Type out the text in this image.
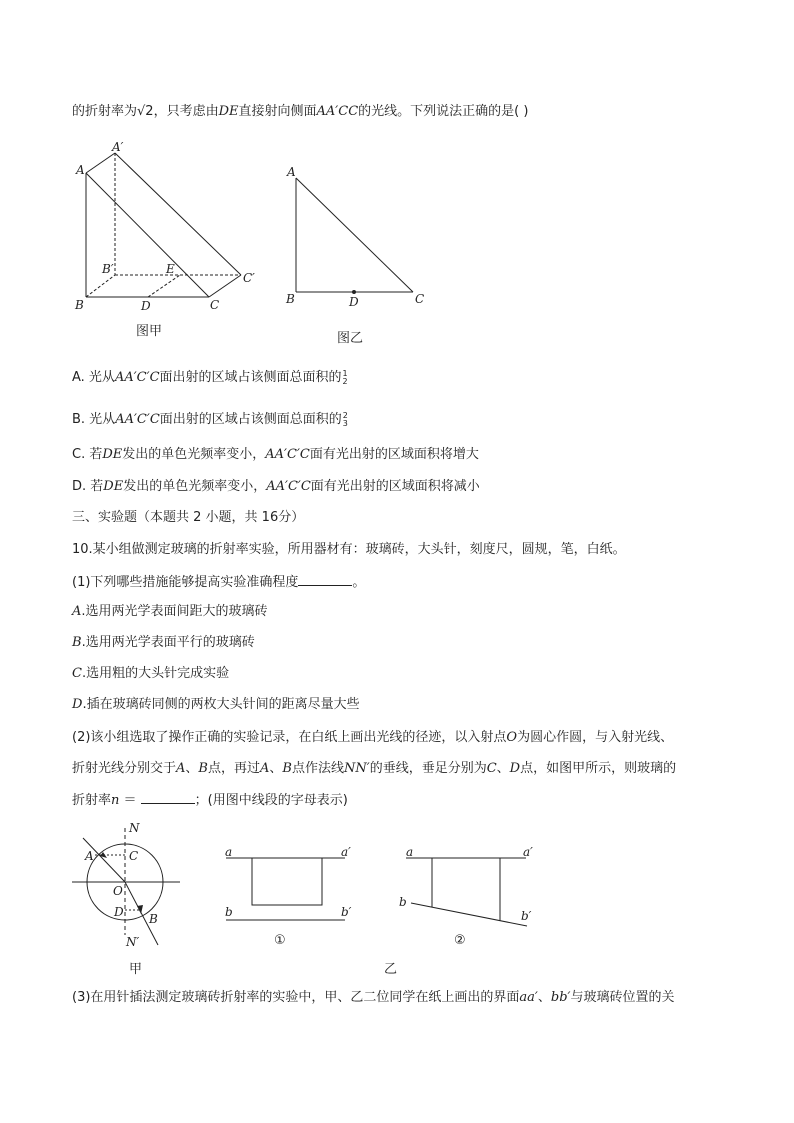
的折射率为√2，只考虑由DE直接射向侧面AA′CC的光线。下列说法正确的是( )
A
A′
B′	E
C′
B	D	C
图甲
A
B	D	C
图乙
N
A	C
O
D B
N′
甲
a	a′
b	b′
①
a	a′
b
b′
②
乙
A. 光从AA′C′C面出射的区域占该侧面总面积的 1
2
B. 光从AA′C′C面出射的区域占该侧面总面积的 2
3
C. 若DE发出的单色光频率变小，AA′C′C面有光出射的区域面积将增大
D. 若DE发出的单色光频率变小，AA′C′C面有光出射的区域面积将减小
三、实验题（本题共 2 小题，共 16分）
10.某小组做测定玻璃的折射率实验，所用器材有：玻璃砖，大头针，刻度尺，圆规，笔，白纸。
(1)下列哪些措施能够提高实验准确程度	。
A.选用两光学表面间距大的玻璃砖
B.选用两光学表面平行的玻璃砖
C.选用粗的大头针完成实验
D.插在玻璃砖同侧的两枚大头针间的距离尽量大些
(2)该小组选取了操作正确的实验记录，在白纸上画出光线的径迹，以入射点O为圆心作圆，与入射光线、
折射光线分别交于A、B点，再过A、B点作法线NN′的垂线，垂足分别为C、D点，如图甲所示，则玻璃的
折射率n ＝	；(用图中线段的字母表示)
(3)在用针插法测定玻璃砖折射率的实验中，甲、乙二位同学在纸上画出的界面aa′、bb′与玻璃砖位置的关
